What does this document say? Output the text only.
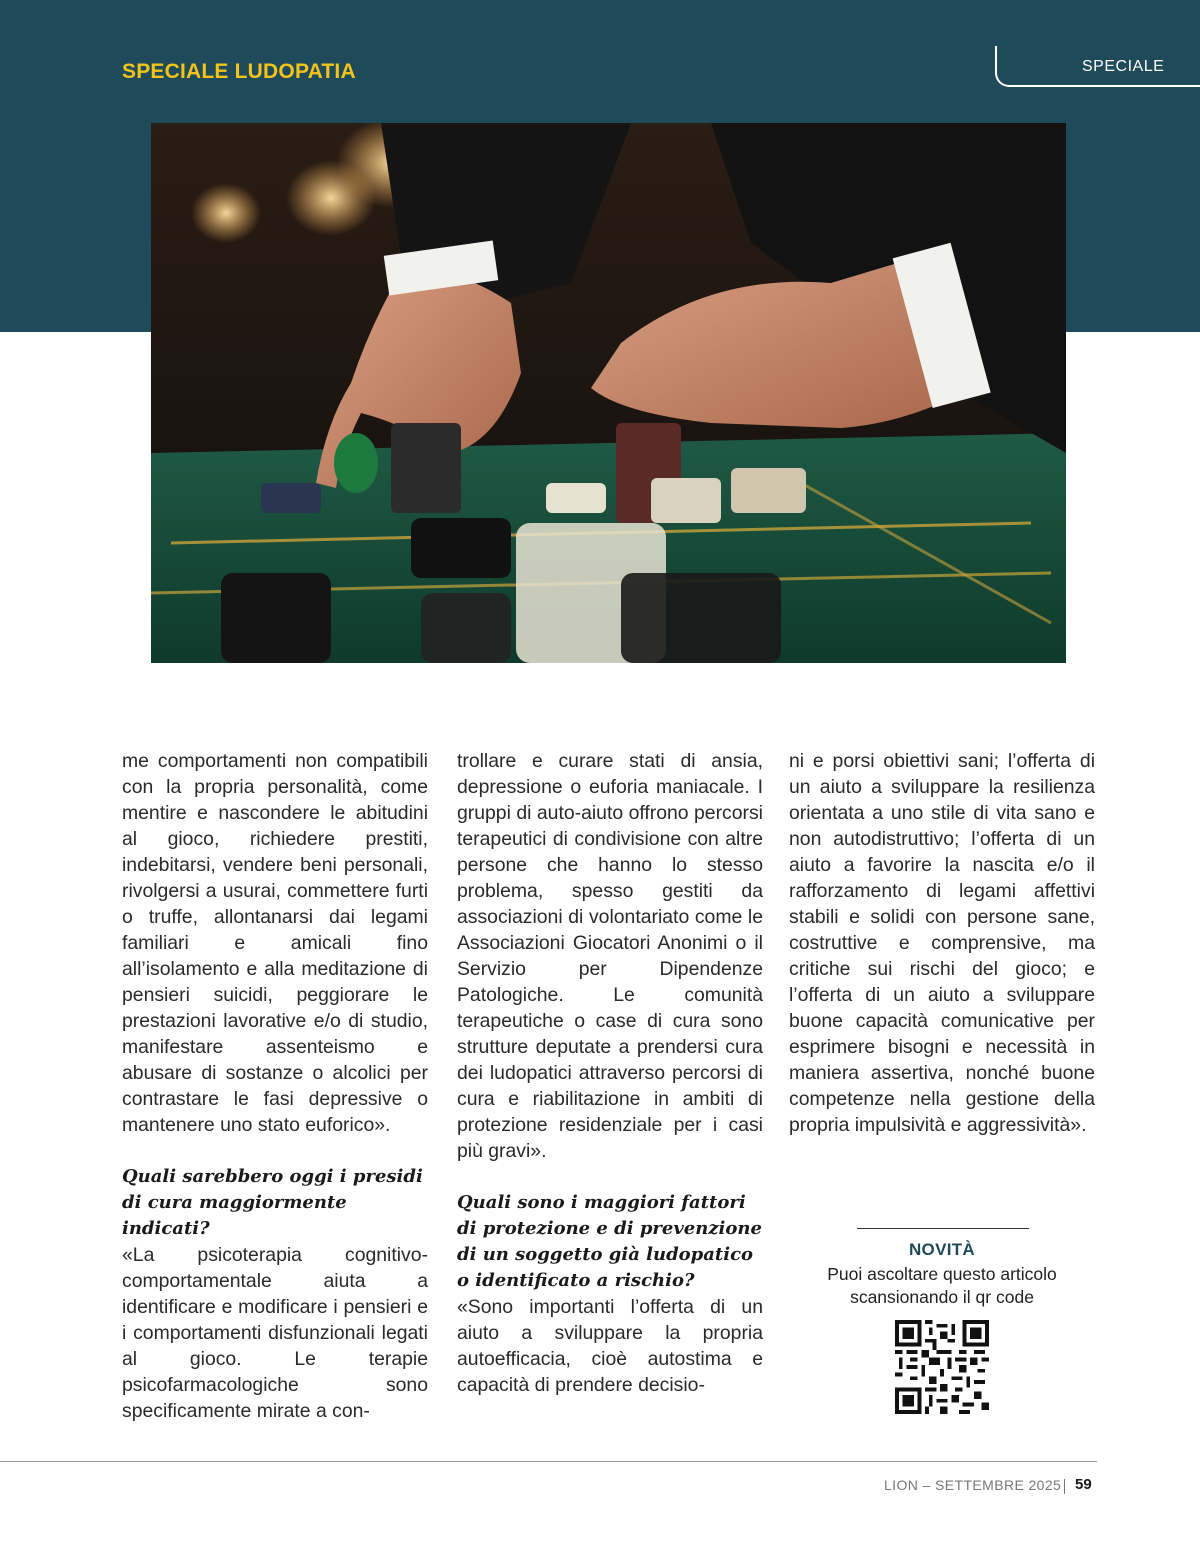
SPECIALE LUDOPATIA	SPECIALE

me comportamenti non compatibili con la propria personalità, come mentire e nascondere le abitudini al gioco, richiedere prestiti, indebitarsi, vendere beni personali, rivolgersi a usurai, commettere furti o truffe, allontanarsi dai legami familiari e amicali fino all’isolamento e alla meditazione di pensieri suicidi, peggiorare le prestazioni lavorative e/o di studio, manifestare assenteismo e abusare di sostanze o alcolici per contrastare le fasi depressive o mantenere uno stato euforico».

Quali sarebbero oggi i presidi di cura maggiormente indicati?

«La psicoterapia cognitivo-comportamentale aiuta a identificare e modificare i pensieri e i comportamenti disfunzionali legati al gioco. Le terapie psicofarmacologiche sono specificamente mirate a con-

trollare e curare stati di ansia, depressione o euforia maniacale. I gruppi di auto-aiuto offrono percorsi terapeutici di condivisione con altre persone che hanno lo stesso problema, spesso gestiti da associazioni di volontariato come le Associazioni Giocatori Anonimi o il Servizio per Dipendenze Patologiche. Le comunità terapeutiche o case di cura sono strutture deputate a prendersi cura dei ludopatici attraverso percorsi di cura e riabilitazione in ambiti di protezione residenziale per i casi più gravi».

Quali sono i maggiori fattori di protezione e di prevenzione di un soggetto già ludopatico o identificato a rischio?

«Sono importanti l’offerta di un aiuto a sviluppare la propria autoefficacia, cioè autostima e capacità di prendere decisio-

ni e porsi obiettivi sani; l’offerta di un aiuto a sviluppare la resilienza orientata a uno stile di vita sano e non autodistruttivo; l’offerta di un aiuto a favorire la nascita e/o il rafforzamento di legami affettivi stabili e solidi con persone sane, costruttive e comprensive, ma critiche sui rischi del gioco; e l’offerta di un aiuto a sviluppare buone capacità comunicative per esprimere bisogni e necessità in maniera assertiva, nonché buone competenze nella gestione della propria impulsività e aggressività».

NOVITÀ
Puoi ascoltare questo articolo
scansionando il qr code
LION – SETTEMBRE 2025 59
